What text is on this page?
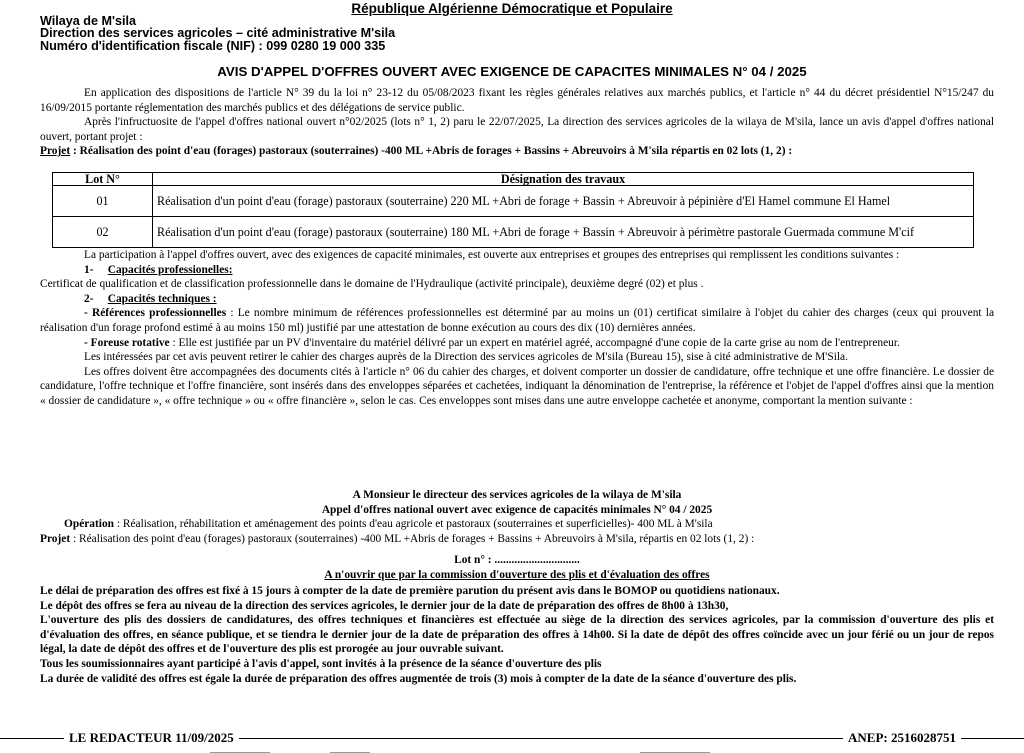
République Algérienne Démocratique et Populaire
Wilaya de M'sila
Direction des services agricoles – cité administrative M'sila
Numéro d'identification fiscale (NIF) : 099 0280 19 000 335
AVIS D'APPEL D'OFFRES OUVERT AVEC EXIGENCE DE CAPACITES MINIMALES N° 04 / 2025

En application des dispositions de l'article N° 39 du la loi n° 23-12 du 05/08/2023 fixant les règles générales relatives aux marchés publics, et l'article n° 44 du décret présidentiel N°15/247 du 16/09/2015 portante réglementation des marchés publics et des délégations de service public.

Après l'infructuosite de l'appel d'offres national ouvert n°02/2025 (lots n° 1, 2) paru le 22/07/2025, La direction des services agricoles de la wilaya de M'sila, lance un avis d'appel d'offres national ouvert, portant projet :

Projet : Réalisation des point d'eau (forages) pastoraux (souterraines) -400 ML +Abris de forages + Bassins + Abreuvoirs à M'sila répartis en 02 lots (1, 2) :

Lot N°	Désignation des travaux
01	Réalisation d'un point d'eau (forage) pastoraux (souterraine) 220 ML +Abri de forage + Bassin + Abreuvoir à pépinière d'El Hamel commune El Hamel
02	Réalisation d'un point d'eau (forage) pastoraux (souterraine) 180 ML +Abri de forage + Bassin + Abreuvoir à périmètre pastorale Guermada commune M'cif

La participation à l'appel d'offres ouvert, avec des exigences de capacité minimales, est ouverte aux entreprises et groupes des entreprises qui remplissent les conditions suivantes :

1- Capacités professionelles:

Certificat de qualification et de classification professionnelle dans le domaine de l'Hydraulique (activité principale), deuxième degré (02) et plus .

2- Capacités techniques :

- Références professionnelles : Le nombre minimum de références professionnelles est déterminé par au moins un (01) certificat similaire à l'objet du cahier des charges (ceux qui prouvent la réalisation d'un forage profond estimé à au moins 150 ml) justifié par une attestation de bonne exécution au cours des dix (10) dernières années.

- Foreuse rotative : Elle est justifiée par un PV d'inventaire du matériel délivré par un expert en matériel agréé, accompagné d'une copie de la carte grise au nom de l'entrepreneur.

Les intéressées par cet avis peuvent retirer le cahier des charges auprès de la Direction des services agricoles de M'sila (Bureau 15), sise à cité administrative de M'Sila.

Les offres doivent être accompagnées des documents cités à l'article n° 06 du cahier des charges, et doivent comporter un dossier de candidature, offre technique et une offre financière. Le dossier de candidature, l'offre technique et l'offre financière, sont insérés dans des enveloppes séparées et cachetées, indiquant la dénomination de l'entreprise, la référence et l'objet de l'appel d'offres ainsi que la mention « dossier de candidature », « offre technique » ou « offre financière », selon le cas. Ces enveloppes sont mises dans une autre enveloppe cachetée et anonyme, comportant la mention suivante :

A Monsieur le directeur des services agricoles de la wilaya de M'sila

Appel d'offres national ouvert avec exigence de capacités minimales N° 04 / 2025

Opération : Réalisation, réhabilitation et aménagement des points d'eau agricole et pastoraux (souterraines et superficielles)- 400 ML à M'sila

Projet : Réalisation des point d'eau (forages) pastoraux (souterraines) -400 ML +Abris de forages + Bassins + Abreuvoirs à M'sila, répartis en 02 lots (1, 2) :

Lot n° : ..............................

A n'ouvrir que par la commission d'ouverture des plis et d'évaluation des offres

Le délai de préparation des offres est fixé à 15 jours à compter de la date de première parution du présent avis dans le BOMOP ou quotidiens nationaux.

Le dépôt des offres se fera au niveau de la direction des services agricoles, le dernier jour de la date de préparation des offres de 8h00 à 13h30,

L'ouverture des plis des dossiers de candidatures, des offres techniques et financières est effectuée au siège de la direction des services agricoles, par la commission d'ouverture des plis et d'évaluation des offres, en séance publique, et se tiendra le dernier jour de la date de préparation des offres à 14h00. Si la date de dépôt des offres coïncide avec un jour férié ou un jour de repos légal, la date de dépôt des offres et de l'ouverture des plis est prorogée au jour ouvrable suivant.

Tous les soumissionnaires ayant participé à l'avis d'appel, sont invités à la présence de la séance d'ouverture des plis

La durée de validité des offres est égale la durée de préparation des offres augmentée de trois (3) mois à compter de la date de la séance d'ouverture des plis.

LE REDACTEUR 11/09/2025	ANEP: 2516028751
